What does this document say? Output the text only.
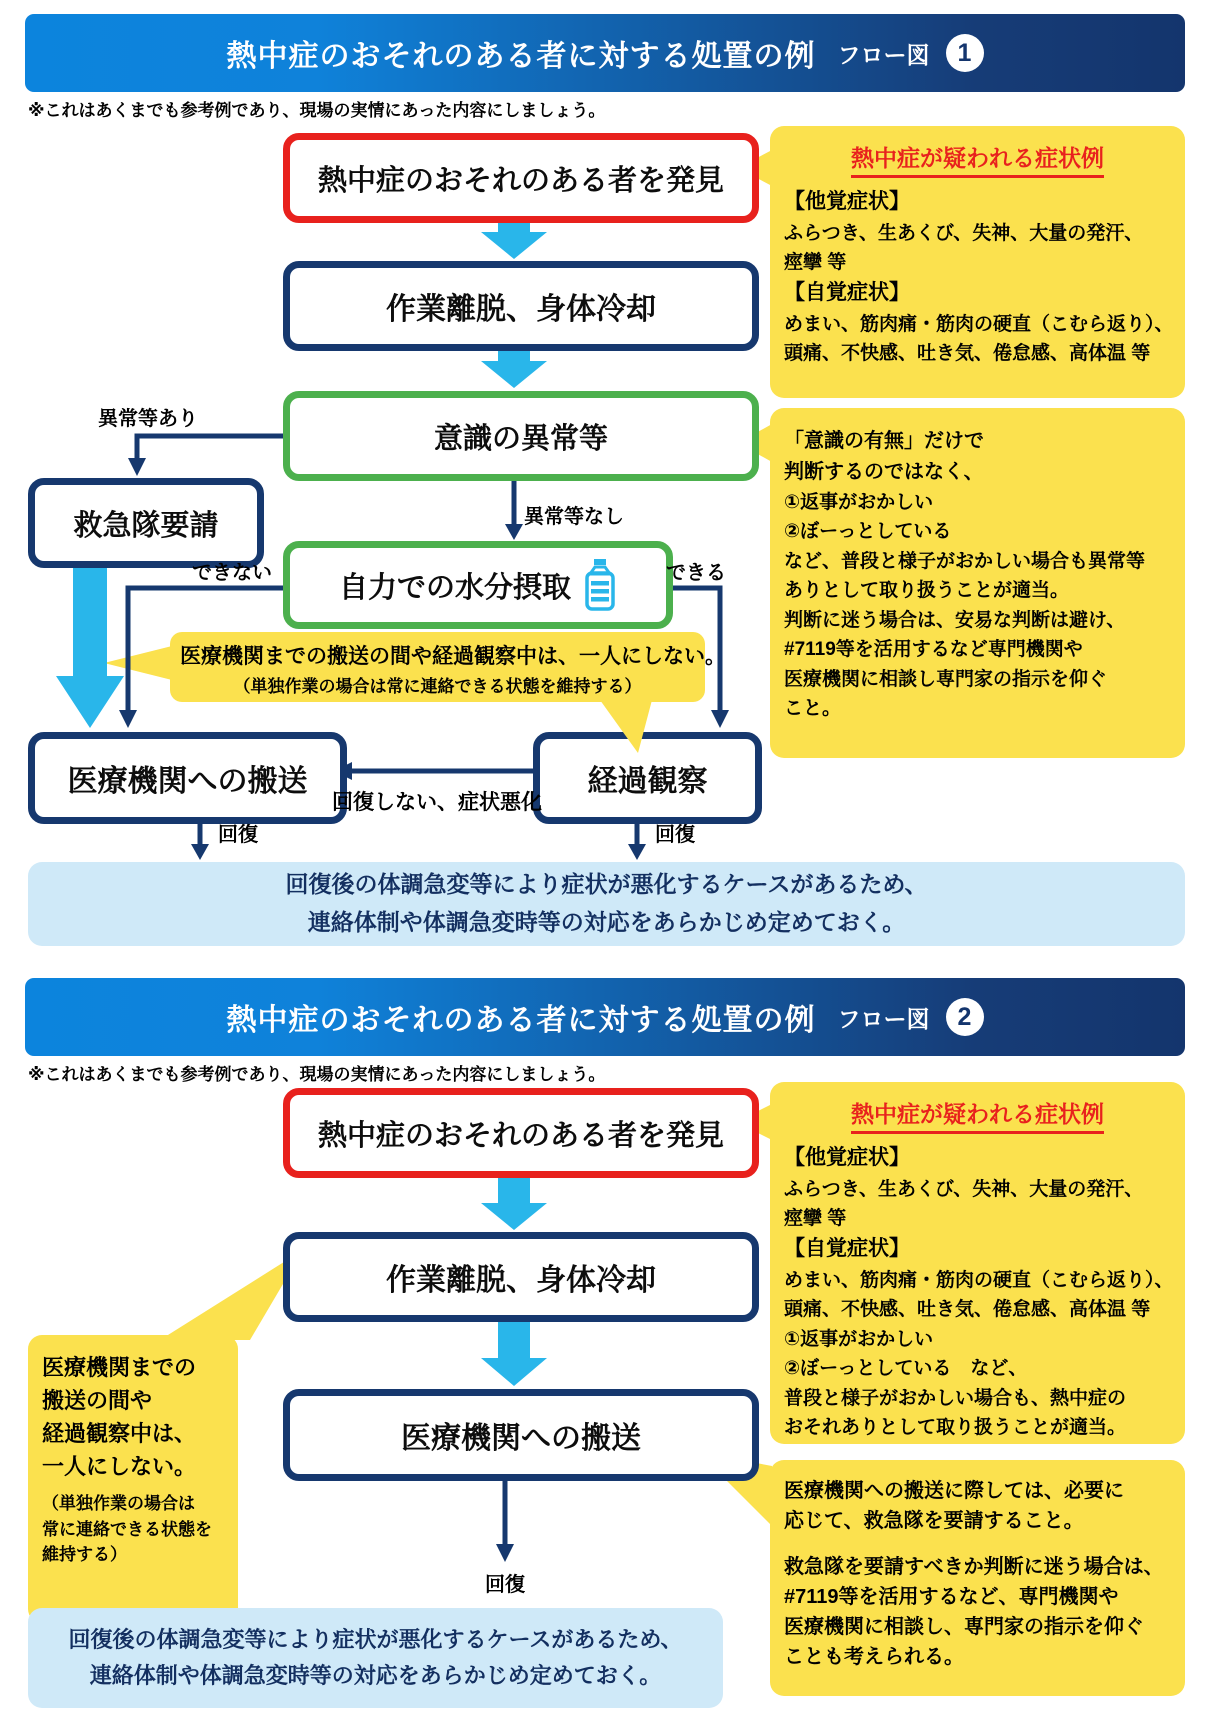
熱中症のおそれのある者に対する処置の例 フロー図	1
※これはあくまでも参考例であり、現場の実情にあった内容にしましょう。
熱中症のおそれのある者を発見
作業離脱、身体冷却
意識の異常等
救急隊要請
自力での水分摂取
医療機関への搬送	経過観察
異常等あり
異常等なし
できない	できる
回復しない、症状悪化
回復	回復
医療機関までの搬送の間や経過観察中は、一人にしない。
（単独作業の場合は常に連絡できる状態を維持する）
熱中症が疑われる症状例
【他覚症状】
ふらつき、生あくび、失神、大量の発汗、
痙攣 等
【自覚症状】
めまい、筋肉痛・筋肉の硬直（こむら返り）、
頭痛、不快感、吐き気、倦怠感、高体温 等
「意識の有無」だけで
判断するのではなく、
①返事がおかしい
②ぼーっとしている
など、普段と様子がおかしい場合も異常等
ありとして取り扱うことが適当。
判断に迷う場合は、安易な判断は避け、
#7119等を活用するなど専門機関や
医療機関に相談し専門家の指示を仰ぐ
こと。
回復後の体調急変等により症状が悪化するケースがあるため、
連絡体制や体調急変時等の対応をあらかじめ定めておく。
熱中症のおそれのある者に対する処置の例 フロー図	2
※これはあくまでも参考例であり、現場の実情にあった内容にしましょう。
熱中症のおそれのある者を発見
作業離脱、身体冷却
医療機関への搬送
回復
医療機関までの
搬送の間や
経過観察中は、
一人にしない。
（単独作業の場合は
常に連絡できる状態を
維持する）
熱中症が疑われる症状例
【他覚症状】
ふらつき、生あくび、失神、大量の発汗、
痙攣 等
【自覚症状】
めまい、筋肉痛・筋肉の硬直（こむら返り）、
頭痛、不快感、吐き気、倦怠感、高体温 等
①返事がおかしい
②ぼーっとしている　など、
普段と様子がおかしい場合も、熱中症の
おそれありとして取り扱うことが適当。
医療機関への搬送に際しては、必要に
応じて、救急隊を要請すること。
救急隊を要請すべきか判断に迷う場合は、
#7119等を活用するなど、専門機関や
医療機関に相談し、専門家の指示を仰ぐ
ことも考えられる。
回復後の体調急変等により症状が悪化するケースがあるため、
連絡体制や体調急変時等の対応をあらかじめ定めておく。
